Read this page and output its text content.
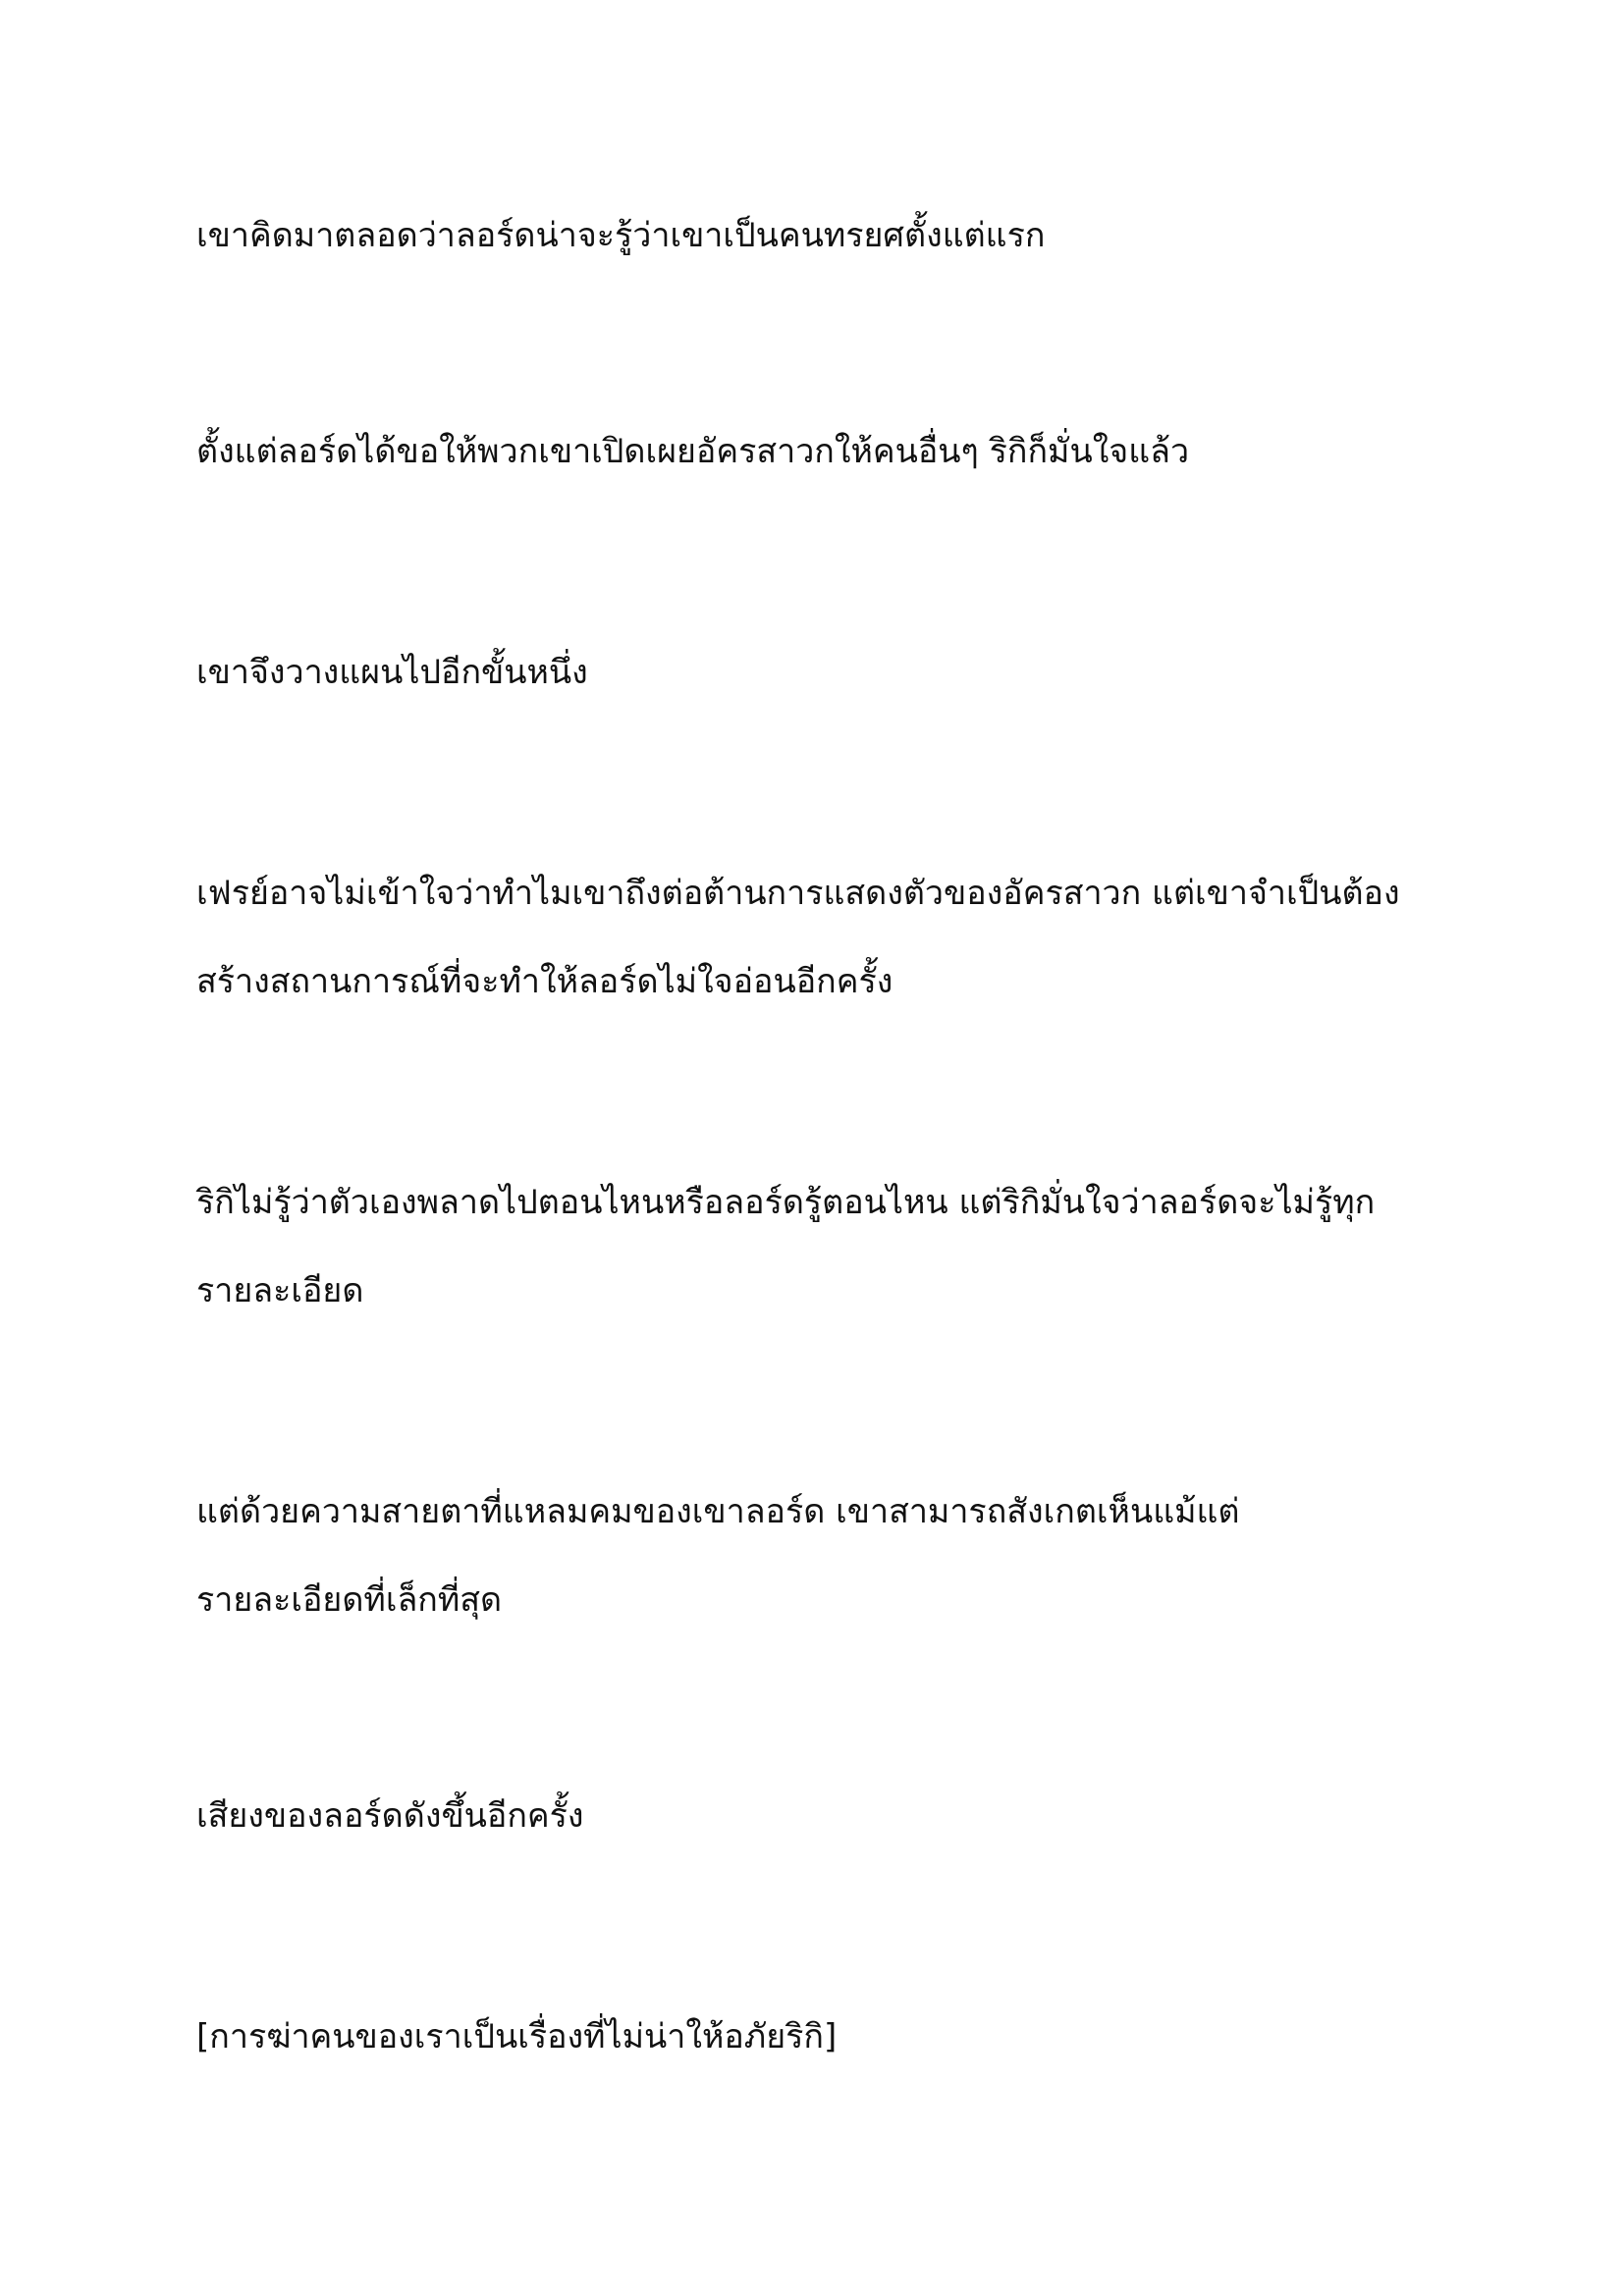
เขาคิดมาตลอดว่าลอร์ดน่าจะรู้ว่าเขาเป็นคนทรยศตั้งแต่แรก

ตั้งแต่ลอร์ดได้ขอให้พวกเขาเปิดเผยอัครสาวกให้คนอื่นๆ ริกิก็มั่นใจแล้ว

เขาจึงวางแผนไปอีกขั้นหนึ่ง

เฟรย์อาจไม่เข้าใจว่าทำไมเขาถึงต่อต้านการแสดงตัวของอัครสาวก แต่เขาจำเป็นต้อง
สร้างสถานการณ์ที่จะทำให้ลอร์ดไม่ใจอ่อนอีกครั้ง

ริกิไม่รู้ว่าตัวเองพลาดไปตอนไหนหรือลอร์ดรู้ตอนไหน แต่ริกิมั่นใจว่าลอร์ดจะไม่รู้ทุก
รายละเอียด

แต่ด้วยความสายตาที่แหลมคมของเขาลอร์ด เขาสามารถสังเกตเห็นแม้แต่
รายละเอียดที่เล็กที่สุด

เสียงของลอร์ดดังขึ้นอีกครั้ง

[การฆ่าคนของเราเป็นเรื่องที่ไม่น่าให้อภัยริกิ]
